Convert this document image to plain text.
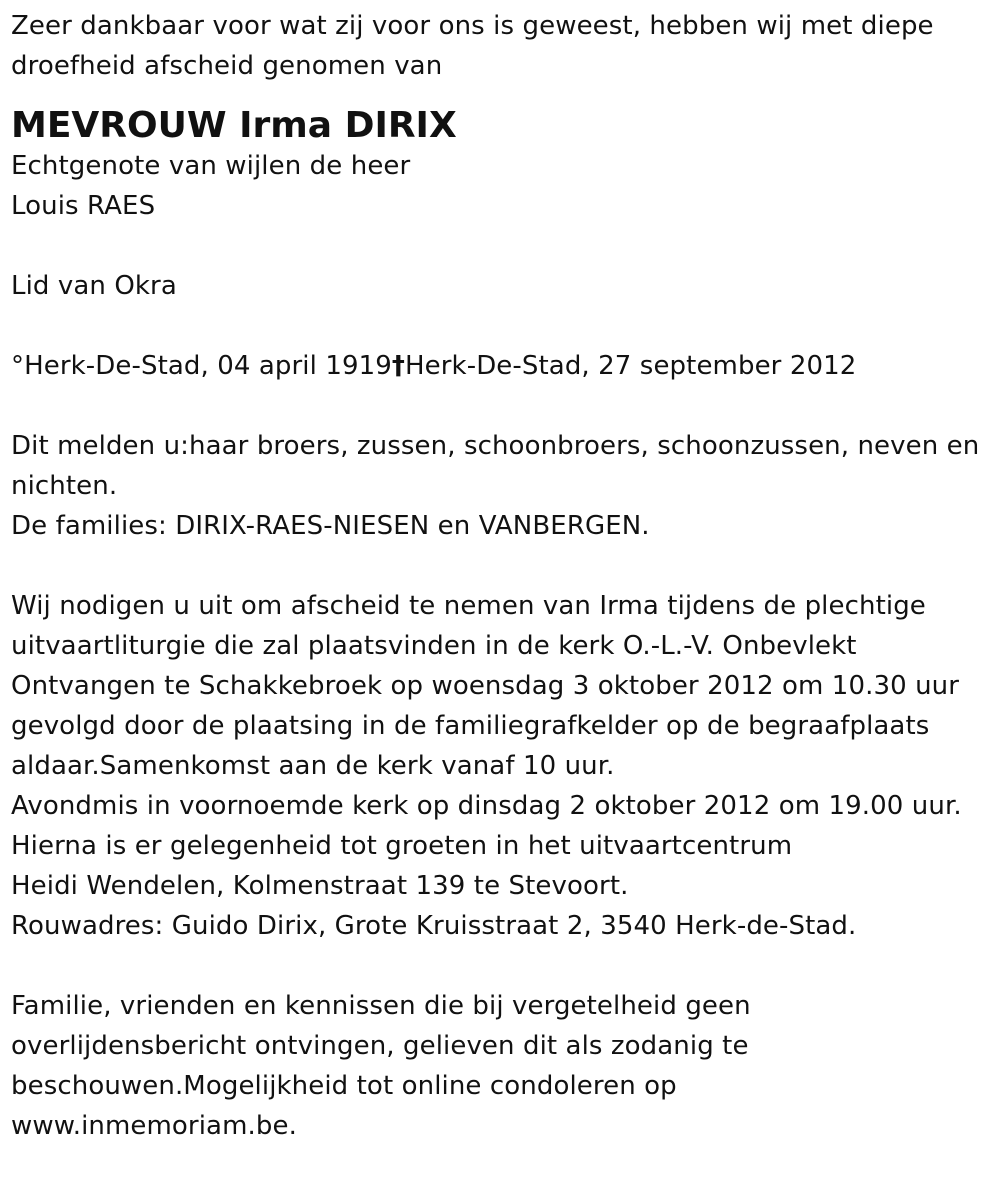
Zeer dankbaar voor wat zij voor ons is geweest, hebben wij met diepe
droefheid afscheid genomen van
MEVROUW Irma DIRIX
Echtgenote van wijlen de heer
Louis RAES
Lid van Okra
°Herk-De-Stad, 04 april 1919†Herk-De-Stad, 27 september 2012
Dit melden u:haar broers, zussen, schoonbroers, schoonzussen, neven en
nichten.
De families: DIRIX-RAES-NIESEN en VANBERGEN.
Wij nodigen u uit om afscheid te nemen van Irma tijdens de plechtige
uitvaartliturgie die zal plaatsvinden in de kerk O.-L.-V. Onbevlekt
Ontvangen te Schakkebroek op woensdag 3 oktober 2012 om 10.30 uur
gevolgd door de plaatsing in de familiegrafkelder op de begraafplaats
aldaar.Samenkomst aan de kerk vanaf 10 uur.
Avondmis in voornoemde kerk op dinsdag 2 oktober 2012 om 19.00 uur.
Hierna is er gelegenheid tot groeten in het uitvaartcentrum
Heidi Wendelen, Kolmenstraat 139 te Stevoort.
Rouwadres: Guido Dirix, Grote Kruisstraat 2, 3540 Herk-de-Stad.
Familie, vrienden en kennissen die bij vergetelheid geen
overlijdensbericht ontvingen, gelieven dit als zodanig te
beschouwen.Mogelijkheid tot online condoleren op
www.inmemoriam.be.
